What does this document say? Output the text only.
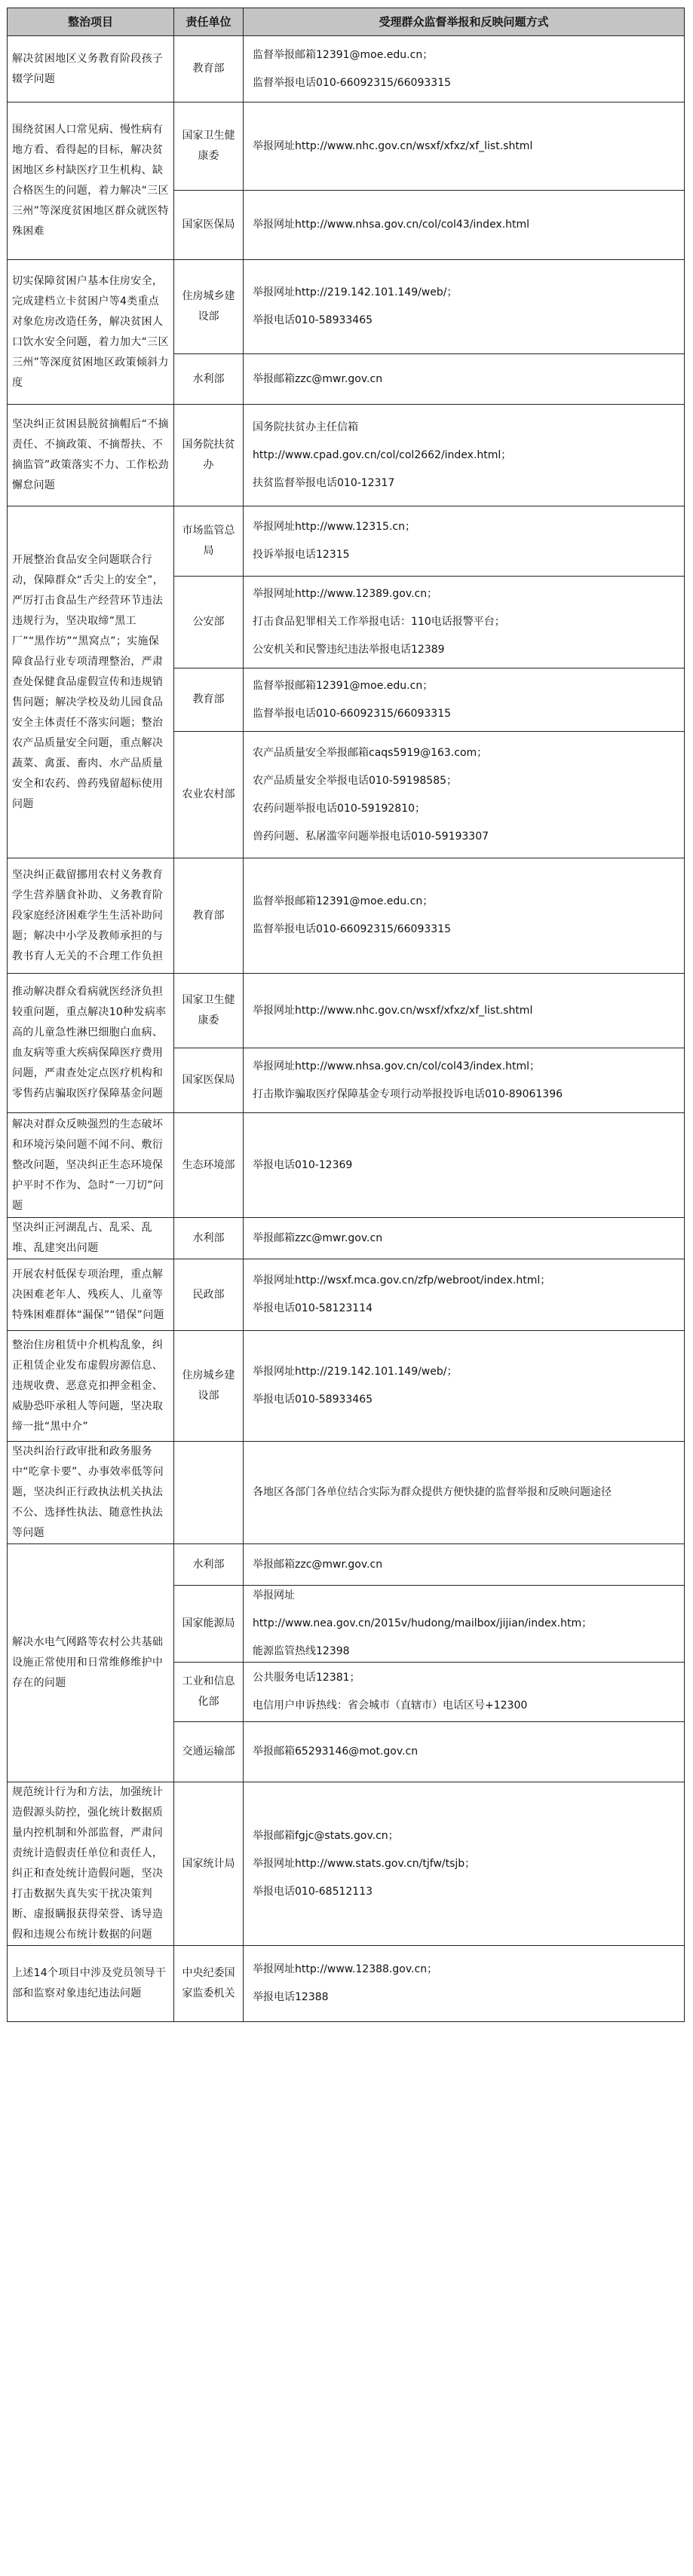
整治项目	责任单位	受理群众监督举报和反映问题方式
解决贫困地区义务教育阶段孩子辍学问题	教育部	监督举报邮箱12391@moe.edu.cn；
监督举报电话010-66092315/66093315

围绕贫困人口常见病、慢性病有地方看、看得起的目标，解决贫困地区乡村缺医疗卫生机构、缺合格医生的问题，着力解决“三区三州”等深度贫困地区群众就医特殊困难	国家卫生健康委	举报网址http://www.nhc.gov.cn/wsxf/xfxz/xf_list.shtml

	国家医保局	举报网址http://www.nhsa.gov.cn/col/col43/index.html

切实保障贫困户基本住房安全，完成建档立卡贫困户等4类重点对象危房改造任务，解决贫困人口饮水安全问题，着力加大“三区三州”等深度贫困地区政策倾斜力度	住房城乡建设部	举报网址http://219.142.101.149/web/；
举报电话010-58933465

	水利部	举报邮箱zzc@mwr.gov.cn

坚决纠正贫困县脱贫摘帽后“不摘责任、不摘政策、不摘帮扶、不摘监管”政策落实不力、工作松劲懈怠问题	国务院扶贫办	国务院扶贫办主任信箱
http://www.cpad.gov.cn/col/col2662/index.html；
扶贫监督举报电话010-12317

开展整治食品安全问题联合行动，保障群众“舌尖上的安全”，严厉打击食品生产经营环节违法违规行为，坚决取缔“黑工厂”“黑作坊”“黑窝点”；实施保障食品行业专项清理整治，严肃查处保健食品虚假宣传和违规销售问题；解决学校及幼儿园食品安全主体责任不落实问题；整治农产品质量安全问题，重点解决蔬菜、禽蛋、畜肉、水产品质量安全和农药、兽药残留超标使用问题	市场监管总局	举报网址http://www.12315.cn；
投诉举报电话12315

	公安部	举报网址http://www.12389.gov.cn；
打击食品犯罪相关工作举报电话：110电话报警平台；
公安机关和民警违纪违法举报电话12389

	教育部	监督举报邮箱12391@moe.edu.cn；
监督举报电话010-66092315/66093315

	农业农村部	农产品质量安全举报邮箱caqs5919@163.com；
农产品质量安全举报电话010-59198585；
农药问题举报电话010-59192810；
兽药问题、私屠滥宰问题举报电话010-59193307

坚决纠正截留挪用农村义务教育学生营养膳食补助、义务教育阶段家庭经济困难学生生活补助问题；解决中小学及教师承担的与教书育人无关的不合理工作负担	教育部	监督举报邮箱12391@moe.edu.cn；
监督举报电话010-66092315/66093315

推动解决群众看病就医经济负担较重问题，重点解决10种发病率高的儿童急性淋巴细胞白血病、血友病等重大疾病保障医疗费用问题，严肃查处定点医疗机构和零售药店骗取医疗保障基金问题	国家卫生健康委	举报网址http://www.nhc.gov.cn/wsxf/xfxz/xf_list.shtml

	国家医保局	举报网址http://www.nhsa.gov.cn/col/col43/index.html；
打击欺诈骗取医疗保障基金专项行动举报投诉电话010-89061396

解决对群众反映强烈的生态破坏和环境污染问题不闻不问、敷衍整改问题，坚决纠正生态环境保护平时不作为、急时“一刀切”问题	生态环境部	举报电话010-12369

坚决纠正河湖乱占、乱采、乱堆、乱建突出问题	水利部	举报邮箱zzc@mwr.gov.cn

开展农村低保专项治理，重点解决困难老年人、残疾人、儿童等特殊困难群体“漏保”“错保”问题	民政部	举报网址http://wsxf.mca.gov.cn/zfp/webroot/index.html；
举报电话010-58123114

整治住房租赁中介机构乱象，纠正租赁企业发布虚假房源信息、违规收费、恶意克扣押金租金、威胁恐吓承租人等问题，坚决取缔一批“黑中介”	住房城乡建设部	举报网址http://219.142.101.149/web/；
举报电话010-58933465

坚决纠治行政审批和政务服务中“吃拿卡要”、办事效率低等问题，坚决纠正行政执法机关执法不公、选择性执法、随意性执法等问题		各地区各部门各单位结合实际为群众提供方便快捷的监督举报和反映问题途径

解决水电气网路等农村公共基础设施正常使用和日常维修维护中存在的问题	水利部	举报邮箱zzc@mwr.gov.cn

	国家能源局	举报网址
http://www.nea.gov.cn/2015v/hudong/mailbox/jijian/index.htm；
能源监管热线12398

	工业和信息化部	公共服务电话12381；
电信用户申诉热线：省会城市（直辖市）电话区号+12300

	交通运输部	举报邮箱65293146@mot.gov.cn

规范统计行为和方法，加强统计造假源头防控，强化统计数据质量内控机制和外部监督，严肃问责统计造假责任单位和责任人，纠正和查处统计造假问题，坚决打击数据失真失实干扰决策判断、虚报瞒报获得荣誉、诱导造假和违规公布统计数据的问题	国家统计局	举报邮箱fgjc@stats.gov.cn；
举报网址http://www.stats.gov.cn/tjfw/tsjb；
举报电话010-68512113

上述14个项目中涉及党员领导干部和监察对象违纪违法问题	中央纪委国家监委机关	举报网址http://www.12388.gov.cn；
举报电话12388
